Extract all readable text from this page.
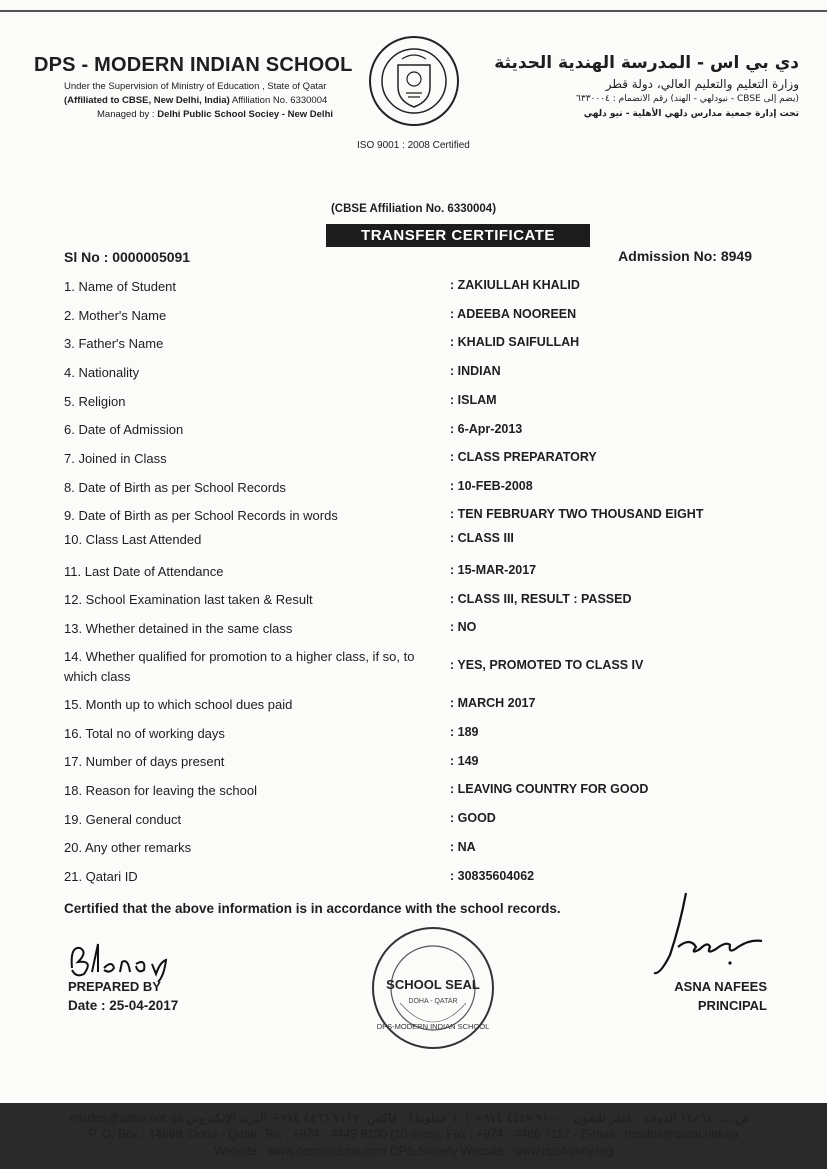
DPS - MODERN INDIAN SCHOOL
Under the Supervision of Ministry of Education , State of Qatar
(Affiliated to CBSE, New Delhi, India) Affiliation No. 6330004
Managed by : Delhi Public School Sociey - New Delhi
ISO 9001 : 2008 Certified
دي بي اس - المدرسة الهندية الحديثة
وزارة التعليم والتعليم العالي، دولة قطر
(يضم إلى CBSE - نيودلهي - الهند) رقم الانضمام : ٦٣٣٠٠٠٤
تحت إدارة جمعية مدارس دلهي الأهلية - نيو دلهي
(CBSE Affiliation No. 6330004)
TRANSFER CERTIFICATE
Sl No : 0000005091	Admission No: 8949
1. Name of Student	: ZAKIULLAH KHALID
2. Mother's Name	: ADEEBA NOOREEN
3. Father's Name	: KHALID SAIFULLAH
4. Nationality	: INDIAN
5. Religion	: ISLAM
6. Date of Admission	: 6-Apr-2013
7. Joined in Class	: CLASS PREPARATORY
8. Date of Birth as per School Records	: 10-FEB-2008
9. Date of Birth as per School Records in words	: TEN FEBRUARY TWO THOUSAND EIGHT
10. Class Last Attended	: CLASS III
11. Last Date of Attendance	: 15-MAR-2017
12. School Examination last taken & Result	: CLASS III, RESULT : PASSED
13. Whether detained in the same class	: NO
14. Whether qualified for promotion to a higher class, if so, to which class
: YES, PROMOTED TO CLASS IV
15. Month up to which school dues paid	: MARCH 2017
16. Total no of working days	: 189
17. Number of days present	: 149
18. Reason for leaving the school	: LEAVING COUNTRY FOR GOOD
19. General conduct	: GOOD
20. Any other remarks	: NA
21. Qatari ID	: 30835604062
Certified that the above information is in accordance with the school records.
PREPARED BY
Date : 25-04-2017
SCHOOL SEAL
DOHA - QATAR
DPS-MODERN INDIAN SCHOOL
ASNA NAFEES
PRINCIPAL
misdps@qatar.net.qa ص.ب: ١٤٨٦٨ الدوحة - قطر تليفون : ٩١٠٠ ٤٤٤٩ ٩٧٤+ (١٠ خطوط) ، فاكس: ٧١١٧ ٤٤٦٦ ٩٧٤+ البريد الإلكتروني :
P. O. Box : 14868, Doha - Qatar. Tel. : +974 - 4449 9100 (10 lines), Fax : +974 - 4466 7117 - E-mail : misdps@qatar.net.qa
Website : www.dpsmisdoha.com DPS Society Website : www.dpsfamily.org
